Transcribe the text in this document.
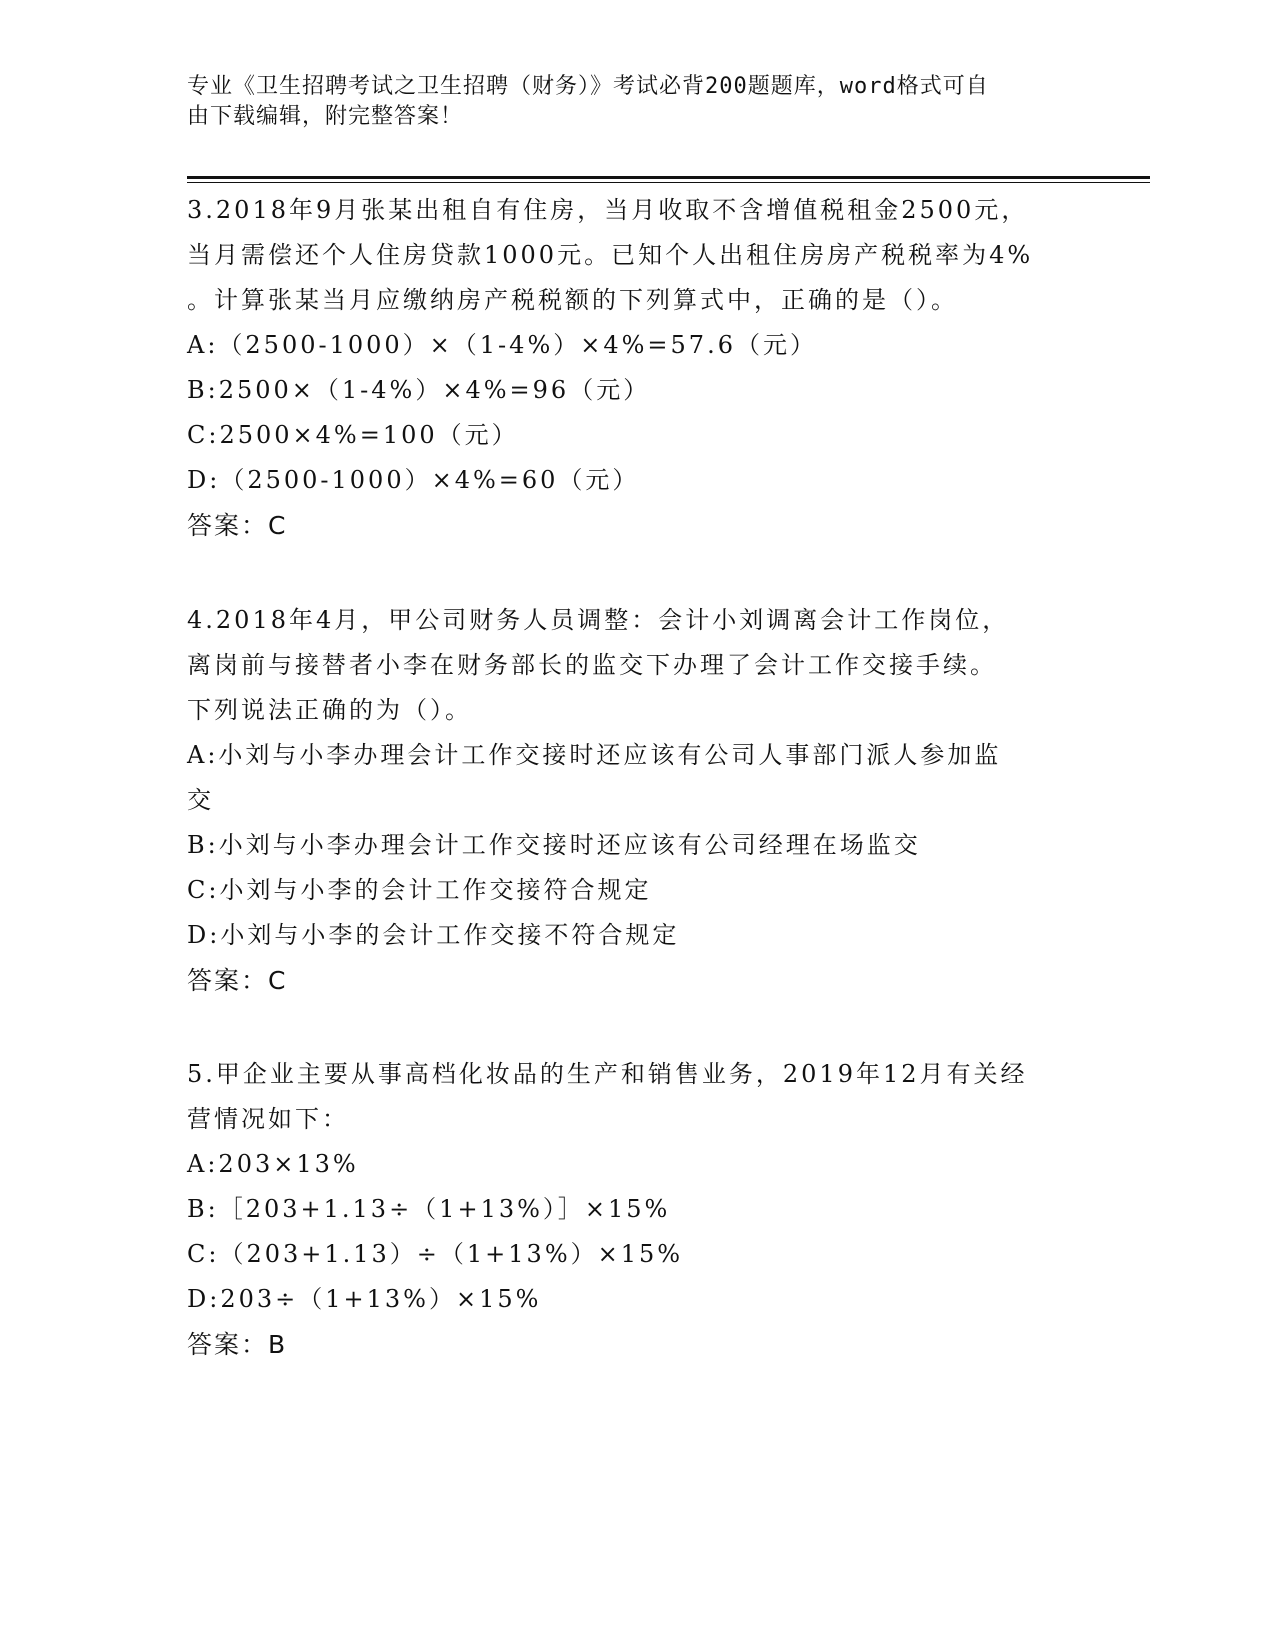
专业《卫生招聘考试之卫生招聘（财务）》考试必背200题题库，word格式可自
由下载编辑，附完整答案！
3.2018年9月张某出租自有住房，当月收取不含增值税租金2500元，
当月需偿还个人住房贷款1000元。已知个人出租住房房产税税率为4%
。计算张某当月应缴纳房产税税额的下列算式中，正确的是（）。
A:（2500-1000）×（1-4%）×4%=57.6（元）
B:2500×（1-4%）×4%=96（元）
C:2500×4%=100（元）
D:（2500-1000）×4%=60（元）
答案：C
4.2018年4月，甲公司财务人员调整：会计小刘调离会计工作岗位，
离岗前与接替者小李在财务部长的监交下办理了会计工作交接手续。
下列说法正确的为（）。
A:小刘与小李办理会计工作交接时还应该有公司人事部门派人参加监
交
B:小刘与小李办理会计工作交接时还应该有公司经理在场监交
C:小刘与小李的会计工作交接符合规定
D:小刘与小李的会计工作交接不符合规定
答案：C
5.甲企业主要从事高档化妆品的生产和销售业务，2019年12月有关经
营情况如下：
A:203×13%
B:［203+1.13÷（1+13%）］×15%
C:（203+1.13）÷（1+13%）×15%
D:203÷（1+13%）×15%
答案：B
